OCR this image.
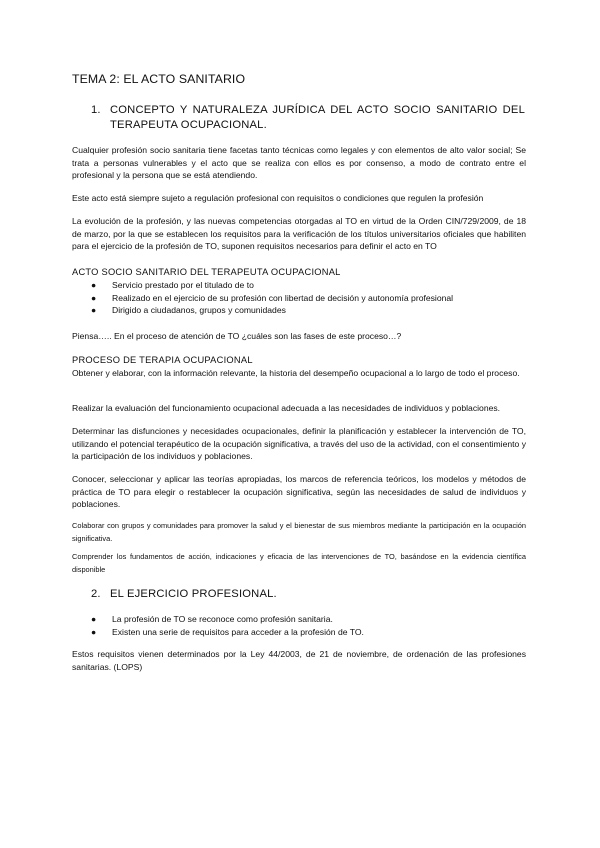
TEMA 2: EL ACTO SANITARIO
1. CONCEPTO Y NATURALEZA JURÍDICA DEL ACTO SOCIO SANITARIO DEL TERAPEUTA OCUPACIONAL.
Cualquier profesión socio sanitaria tiene facetas tanto técnicas como legales y con elementos de alto valor social; Se trata a personas vulnerables y el acto que se realiza con ellos es por consenso, a modo de contrato entre el profesional y la persona que se está atendiendo.
Este acto está siempre sujeto a regulación profesional con requisitos o condiciones que regulen la profesión
La evolución de la profesión, y las nuevas competencias otorgadas al TO en virtud de la Orden CIN/729/2009, de 18 de marzo, por la que se establecen los requisitos para la verificación de los títulos universitarios oficiales que habiliten para el ejercicio de la profesión de TO, suponen requisitos necesarios para definir el acto en TO
ACTO SOCIO SANITARIO DEL TERAPEUTA OCUPACIONAL
● Servicio prestado por el titulado de to
● Realizado en el ejercicio de su profesión con libertad de decisión y autonomía profesional
● Dirigido a ciudadanos, grupos y comunidades
Piensa….. En el proceso de atención de TO ¿cuáles son las fases de este proceso…?
PROCESO DE TERAPIA OCUPACIONAL
Obtener y elaborar, con la información relevante, la historia del desempeño ocupacional a lo largo de todo el proceso.
Realizar la evaluación del funcionamiento ocupacional adecuada a las necesidades de individuos y poblaciones.
Determinar las disfunciones y necesidades ocupacionales, definir la planificación y establecer la intervención de TO, utilizando el potencial terapéutico de la ocupación significativa, a través del uso de la actividad, con el consentimiento y la participación de los individuos y poblaciones.
Conocer, seleccionar y aplicar las teorías apropiadas, los marcos de referencia teóricos, los modelos y métodos de práctica de TO para elegir o restablecer la ocupación significativa, según las necesidades de salud de individuos y poblaciones.
Colaborar con grupos y comunidades para promover la salud y el bienestar de sus miembros mediante la participación en la ocupación significativa.
Comprender los fundamentos de acción, indicaciones y eficacia de las intervenciones de TO, basándose en la evidencia científica disponible
2. EL EJERCICIO PROFESIONAL.
● La profesión de TO se reconoce como profesión sanitaria.
● Existen una serie de requisitos para acceder a la profesión de TO.
Estos requisitos vienen determinados por la Ley 44/2003, de 21 de noviembre, de ordenación de las profesiones sanitarias. (LOPS)
